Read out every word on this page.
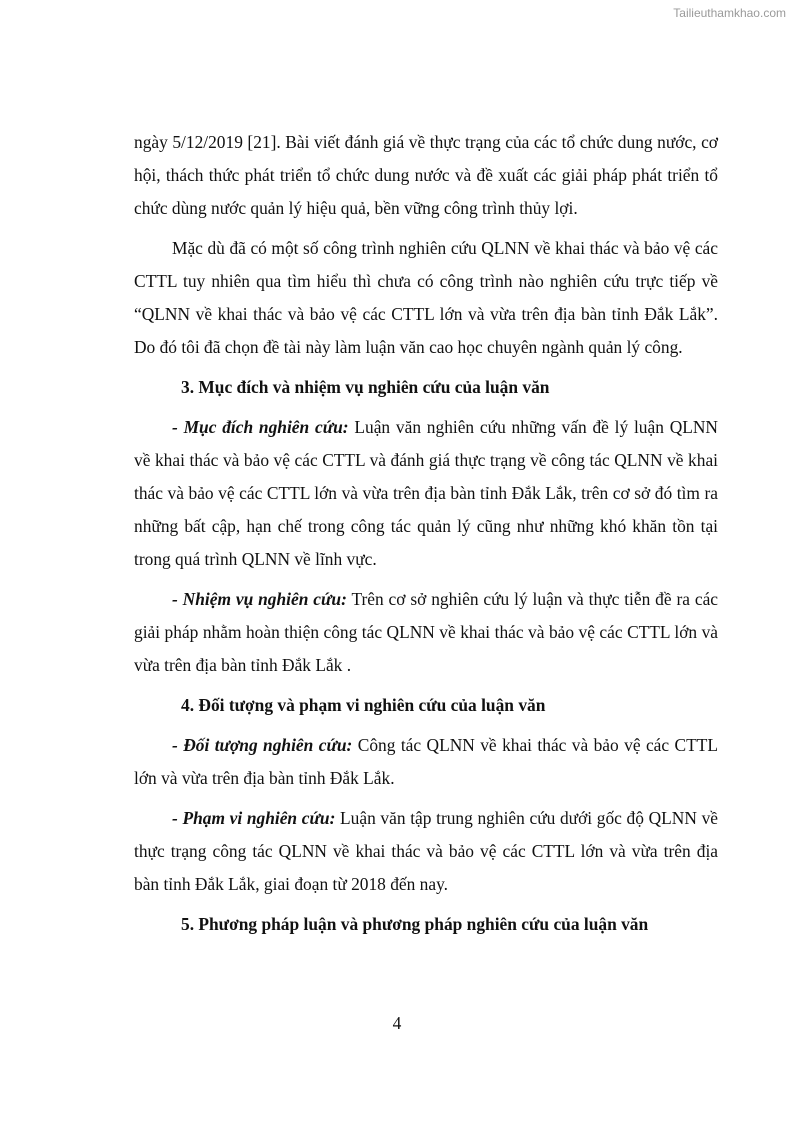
Tailieuthamkhao.com

ngày 5/12/2019 [21]. Bài viết đánh giá về thực trạng của các tổ chức dung nước, cơ hội, thách thức phát triển tổ chức dung nước và đề xuất các giải pháp phát triển tổ chức dùng nước quản lý hiệu quả, bền vững công trình thủy lợi.

Mặc dù đã có một số công trình nghiên cứu QLNN về khai thác và bảo vệ các CTTL tuy nhiên qua tìm hiểu thì chưa có công trình nào nghiên cứu trực tiếp về “QLNN về khai thác và bảo vệ các CTTL lớn và vừa trên địa bàn tỉnh Đắk Lắk”. Do đó tôi đã chọn đề tài này làm luận văn cao học chuyên ngành quản lý công.

3. Mục đích và nhiệm vụ nghiên cứu của luận văn

- Mục đích nghiên cứu: Luận văn nghiên cứu những vấn đề lý luận QLNN về khai thác và bảo vệ các CTTL và đánh giá thực trạng về công tác QLNN về khai thác và bảo vệ các CTTL lớn và vừa trên địa bàn tỉnh Đắk Lắk, trên cơ sở đó tìm ra những bất cập, hạn chế trong công tác quản lý cũng như những khó khăn tồn tại trong quá trình QLNN về lĩnh vực.

- Nhiệm vụ nghiên cứu: Trên cơ sở nghiên cứu lý luận và thực tiễn đề ra các giải pháp nhằm hoàn thiện công tác QLNN về khai thác và bảo vệ các CTTL lớn và vừa trên địa bàn tỉnh Đắk Lắk .

4. Đối tượng và phạm vi nghiên cứu của luận văn

- Đối tượng nghiên cứu: Công tác QLNN về khai thác và bảo vệ các CTTL lớn và vừa trên địa bàn tỉnh Đắk Lắk.

- Phạm vi nghiên cứu: Luận văn tập trung nghiên cứu dưới gốc độ QLNN về thực trạng công tác QLNN về khai thác và bảo vệ các CTTL lớn và vừa trên địa bàn tỉnh Đắk Lắk, giai đoạn từ 2018 đến nay.

5. Phương pháp luận và phương pháp nghiên cứu của luận văn

4
